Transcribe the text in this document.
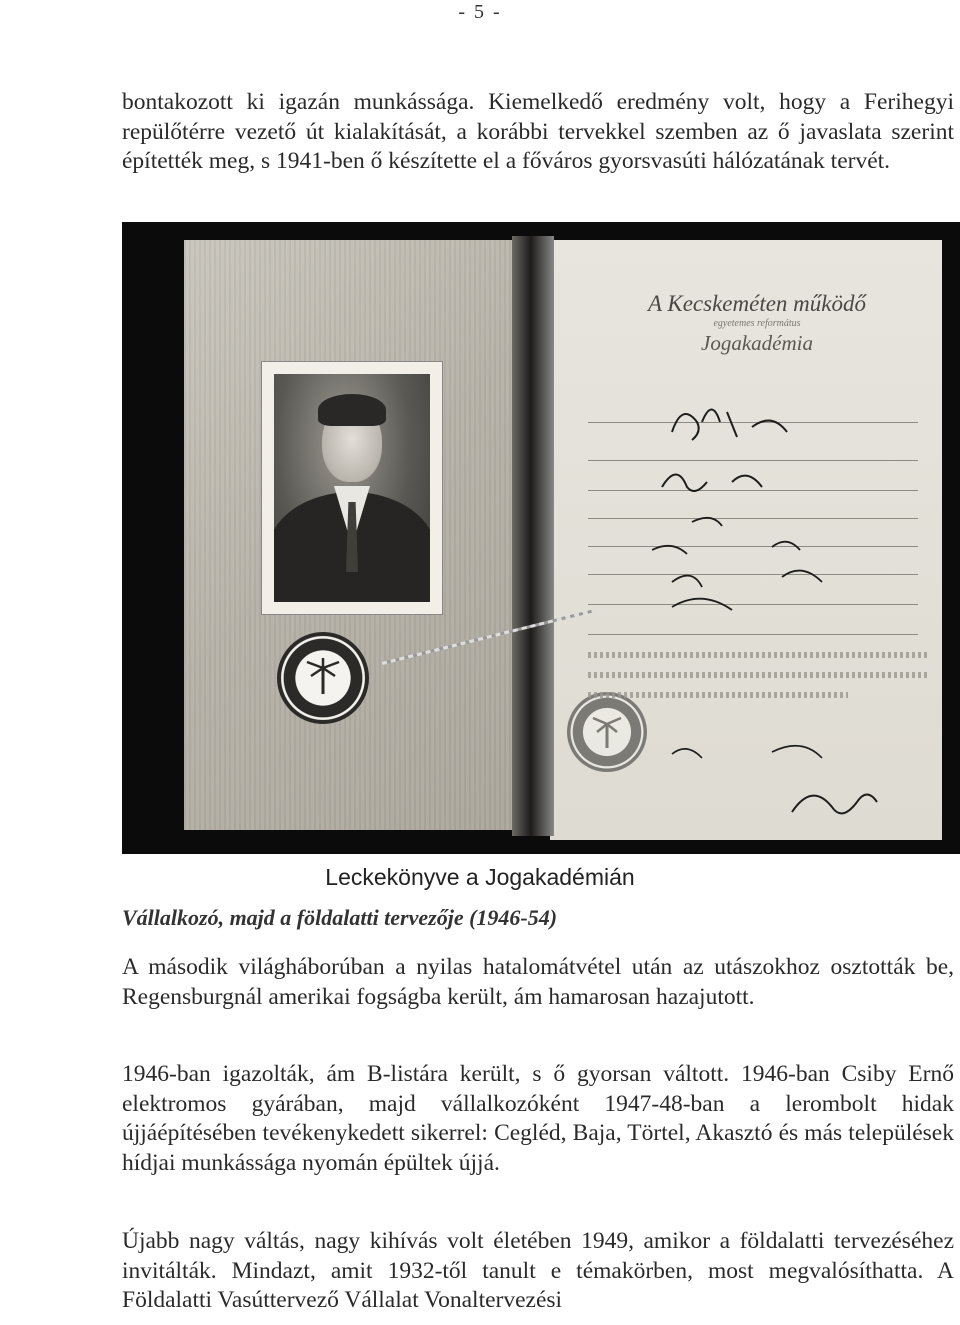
- 5 -
bontakozott ki igazán munkássága. Kiemelkedő eredmény volt, hogy a Ferihegyi repülőtérre vezető út kialakítását, a korábbi tervekkel szemben az ő javaslata szerint építették meg, s 1941-ben ő készítette el a főváros gyorsvasúti hálózatának tervét.
A Kecskeméten működő
egyetemes református
Jogakadémia
Leckekönyve a Jogakadémián
Vállalkozó, majd a földalatti tervezője (1946-54)
A második világháborúban a nyilas hatalomátvétel után az utászokhoz osztották be, Regensburgnál amerikai fogságba került, ám hamarosan hazajutott.
1946-ban igazolták, ám B-listára került, s ő gyorsan váltott. 1946-ban Csiby Ernő elektromos gyárában, majd vállalkozóként 1947-48-ban a lerombolt hidak újjáépítésében tevékenykedett sikerrel: Cegléd, Baja, Törtel, Akasztó és más települések hídjai munkássága nyomán épültek újjá.
Újabb nagy váltás, nagy kihívás volt életében 1949, amikor a földalatti tervezéséhez invitálták. Mindazt, amit 1932-től tanult e témakörben, most megvalósíthatta. A Földalatti Vasúttervező Vállalat Vonaltervezési
